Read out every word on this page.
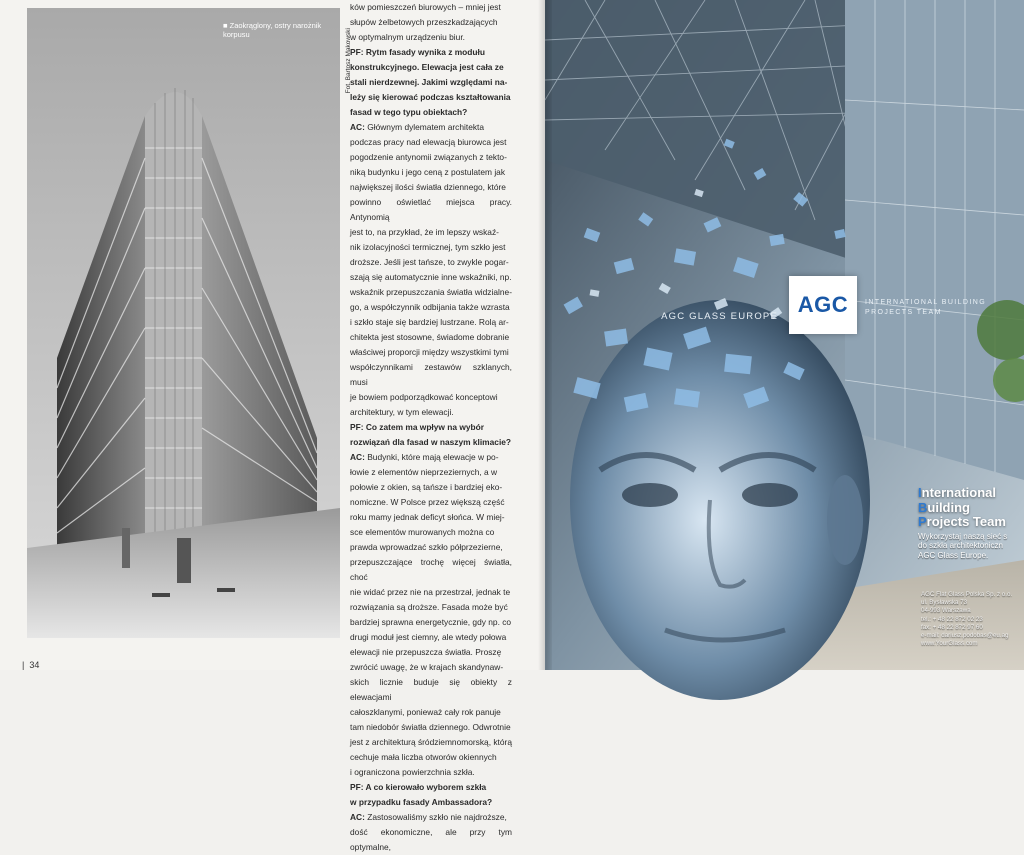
■ Zaokrąglony, ostry narożnik korpusu	Fot. Bartosz Makowski

ków pomieszczeń biurowych – mniej jest

słupów żelbetowych przeszkadzających

w optymalnym urządzeniu biur.

PF: Rytm fasady wynika z modułu

konstrukcyjnego. Elewacja jest cała ze

stali nierdzewnej. Jakimi względami na-

leży się kierować podczas kształtowania

fasad w tego typu obiektach?

AC: Głównym dylematem architekta

podczas pracy nad elewacją biurowca jest

pogodzenie antynomii związanych z tekto-

niką budynku i jego ceną z postulatem jak

największej ilości światła dziennego, które

powinno oświetlać miejsca pracy. Antynomią

jest to, na przykład, że im lepszy wskaź-

nik izolacyjności termicznej, tym szkło jest

droższe. Jeśli jest tańsze, to zwykle pogar-

szają się automatycznie inne wskaźniki, np.

wskaźnik przepuszczania światła widzialne-

go, a współczynnik odbijania także wzrasta

i szkło staje się bardziej lustrzane. Rolą ar-

chitekta jest stosowne, świadome dobranie

właściwej proporcji między wszystkimi tymi

współczynnikami zestawów szklanych, musi

je bowiem podporządkować konceptowi

architektury, w tym elewacji.

PF: Co zatem ma wpływ na wybór

rozwiązań dla fasad w naszym klimacie?

AC: Budynki, które mają elewacje w po-

łowie z elementów nieprzeziernych, a w

połowie z okien, są tańsze i bardziej eko-

nomiczne. W Polsce przez większą część

roku mamy jednak deficyt słońca. W miej-

sce elementów murowanych można co

prawda wprowadzać szkło półprzezierne,

przepuszczające trochę więcej światła, choć

nie widać przez nie na przestrzał, jednak te

rozwiązania są droższe. Fasada może być

bardziej sprawna energetycznie, gdy np. co

drugi moduł jest ciemny, ale wtedy połowa

elewacji nie przepuszcza światła. Proszę

zwrócić uwagę, że w krajach skandynaw-

skich licznie buduje się obiekty z elewacjami

całoszklanymi, ponieważ cały rok panuje

tam niedobór światła dziennego. Odwrotnie

jest z architekturą śródziemnomorską, którą

cechuje mała liczba otworów okiennych

i ograniczona powierzchnia szkła.

PF: A co kierowało wyborem szkła

w przypadku fasady Ambassadora?

AC: Zastosowaliśmy szkło nie najdroższe,

dość ekonomiczne, ale przy tym optymalne,

|  34
AGC GLASS EUROPE AGC INTERNATIONAL BUILDING
PROJECTS TEAM
International
Building
Projects Team
Wykorzystaj naszą sieć s
do szkła architektoniczn
AGC Glass Europe.
AGC Flat Glass Polska Sp. z o.o.
ul. Bysławska 73
04-993 Warszawa
tel.: + 48 22 872 02 23
fax: + 48 22 872 97 60
e-mail: dariusz.podobas@eu.ag
www.YourGlass.com
